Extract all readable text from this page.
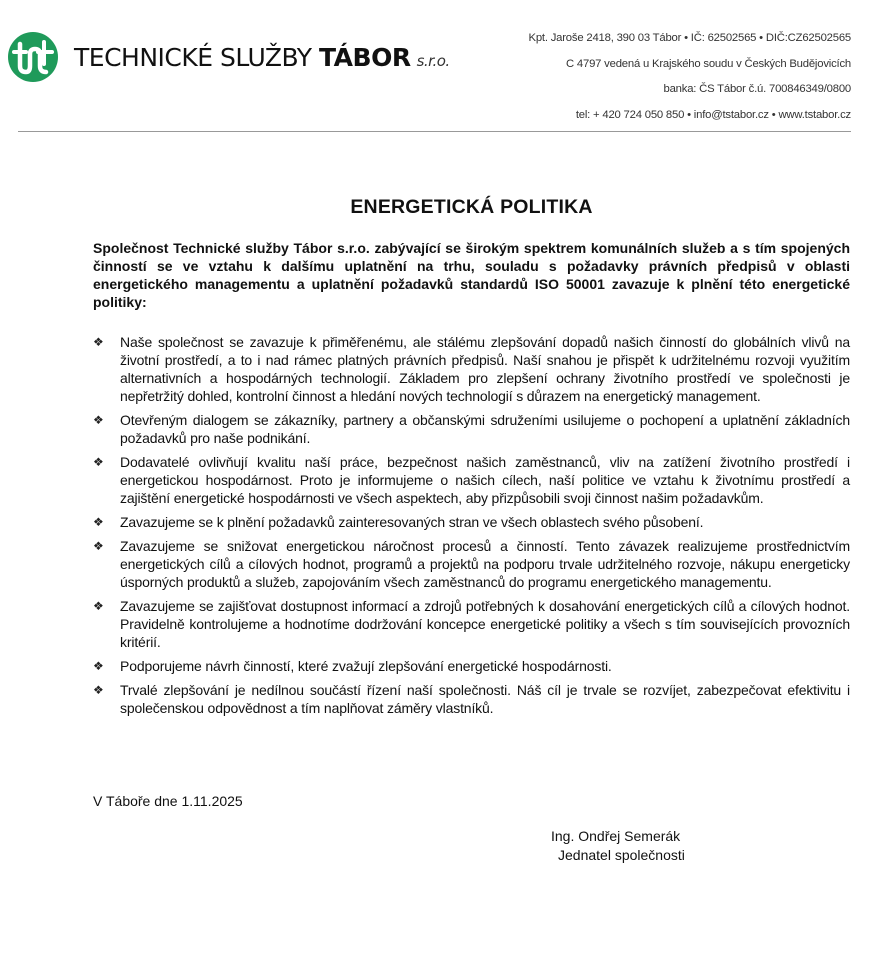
TECHNICKÉ SLUŽBY TÁBOR s.r.o.
Kpt. Jaroše 2418, 390 03 Tábor • IČ: 62502565 • DIČ:CZ62502565
C 4797 vedená u Krajského soudu v Českých Budějovicích
banka: ČS Tábor č.ú. 700846349/0800
tel: + 420 724 050 850 • info@tstabor.cz • www.tstabor.cz
ENERGETICKÁ POLITIKA
Společnost Technické služby Tábor s.r.o. zabývající se širokým spektrem komunálních služeb a s tím spojených činností se ve vztahu k dalšímu uplatnění na trhu, souladu s požadavky právních předpisů v oblasti energetického managementu a uplatnění požadavků standardů ISO 50001 zavazuje k plnění této energetické politiky:
❖ Naše společnost se zavazuje k přiměřenému, ale stálému zlepšování dopadů našich činností do globálních vlivů na životní prostředí, a to i nad rámec platných právních předpisů. Naší snahou je přispět k udržitelnému rozvoji využitím alternativních a hospodárných technologií. Základem pro zlepšení ochrany životního prostředí ve společnosti je nepřetržitý dohled, kontrolní činnost a hledání nových technologií s důrazem na energetický management.
❖ Otevřeným dialogem se zákazníky, partnery a občanskými sdruženími usilujeme o pochopení a uplatnění základních požadavků pro naše podnikání.
❖ Dodavatelé ovlivňují kvalitu naší práce, bezpečnost našich zaměstnanců, vliv na zatížení životního prostředí i energetickou hospodárnost. Proto je informujeme o našich cílech, naší politice ve vztahu k životnímu prostředí a zajištění energetické hospodárnosti ve všech aspektech, aby přizpůsobili svoji činnost našim požadavkům.
❖ Zavazujeme se k plnění požadavků zainteresovaných stran ve všech oblastech svého působení.
❖ Zavazujeme se snižovat energetickou náročnost procesů a činností. Tento závazek realizujeme prostřednictvím energetických cílů a cílových hodnot, programů a projektů na podporu trvale udržitelného rozvoje, nákupu energeticky úsporných produktů a služeb, zapojováním všech zaměstnanců do programu energetického managementu.
❖ Zavazujeme se zajišťovat dostupnost informací a zdrojů potřebných k dosahování energetických cílů a cílových hodnot. Pravidelně kontrolujeme a hodnotíme dodržování koncepce energetické politiky a všech s tím souvisejících provozních kritérií.
❖ Podporujeme návrh činností, které zvažují zlepšování energetické hospodárnosti.
❖ Trvalé zlepšování je nedílnou součástí řízení naší společnosti. Náš cíl je trvale se rozvíjet, zabezpečovat efektivitu i společenskou odpovědnost a tím naplňovat záměry vlastníků.
V Táboře dne 1.11.2025
Ing. Ondřej Semerák
Jednatel společnosti
